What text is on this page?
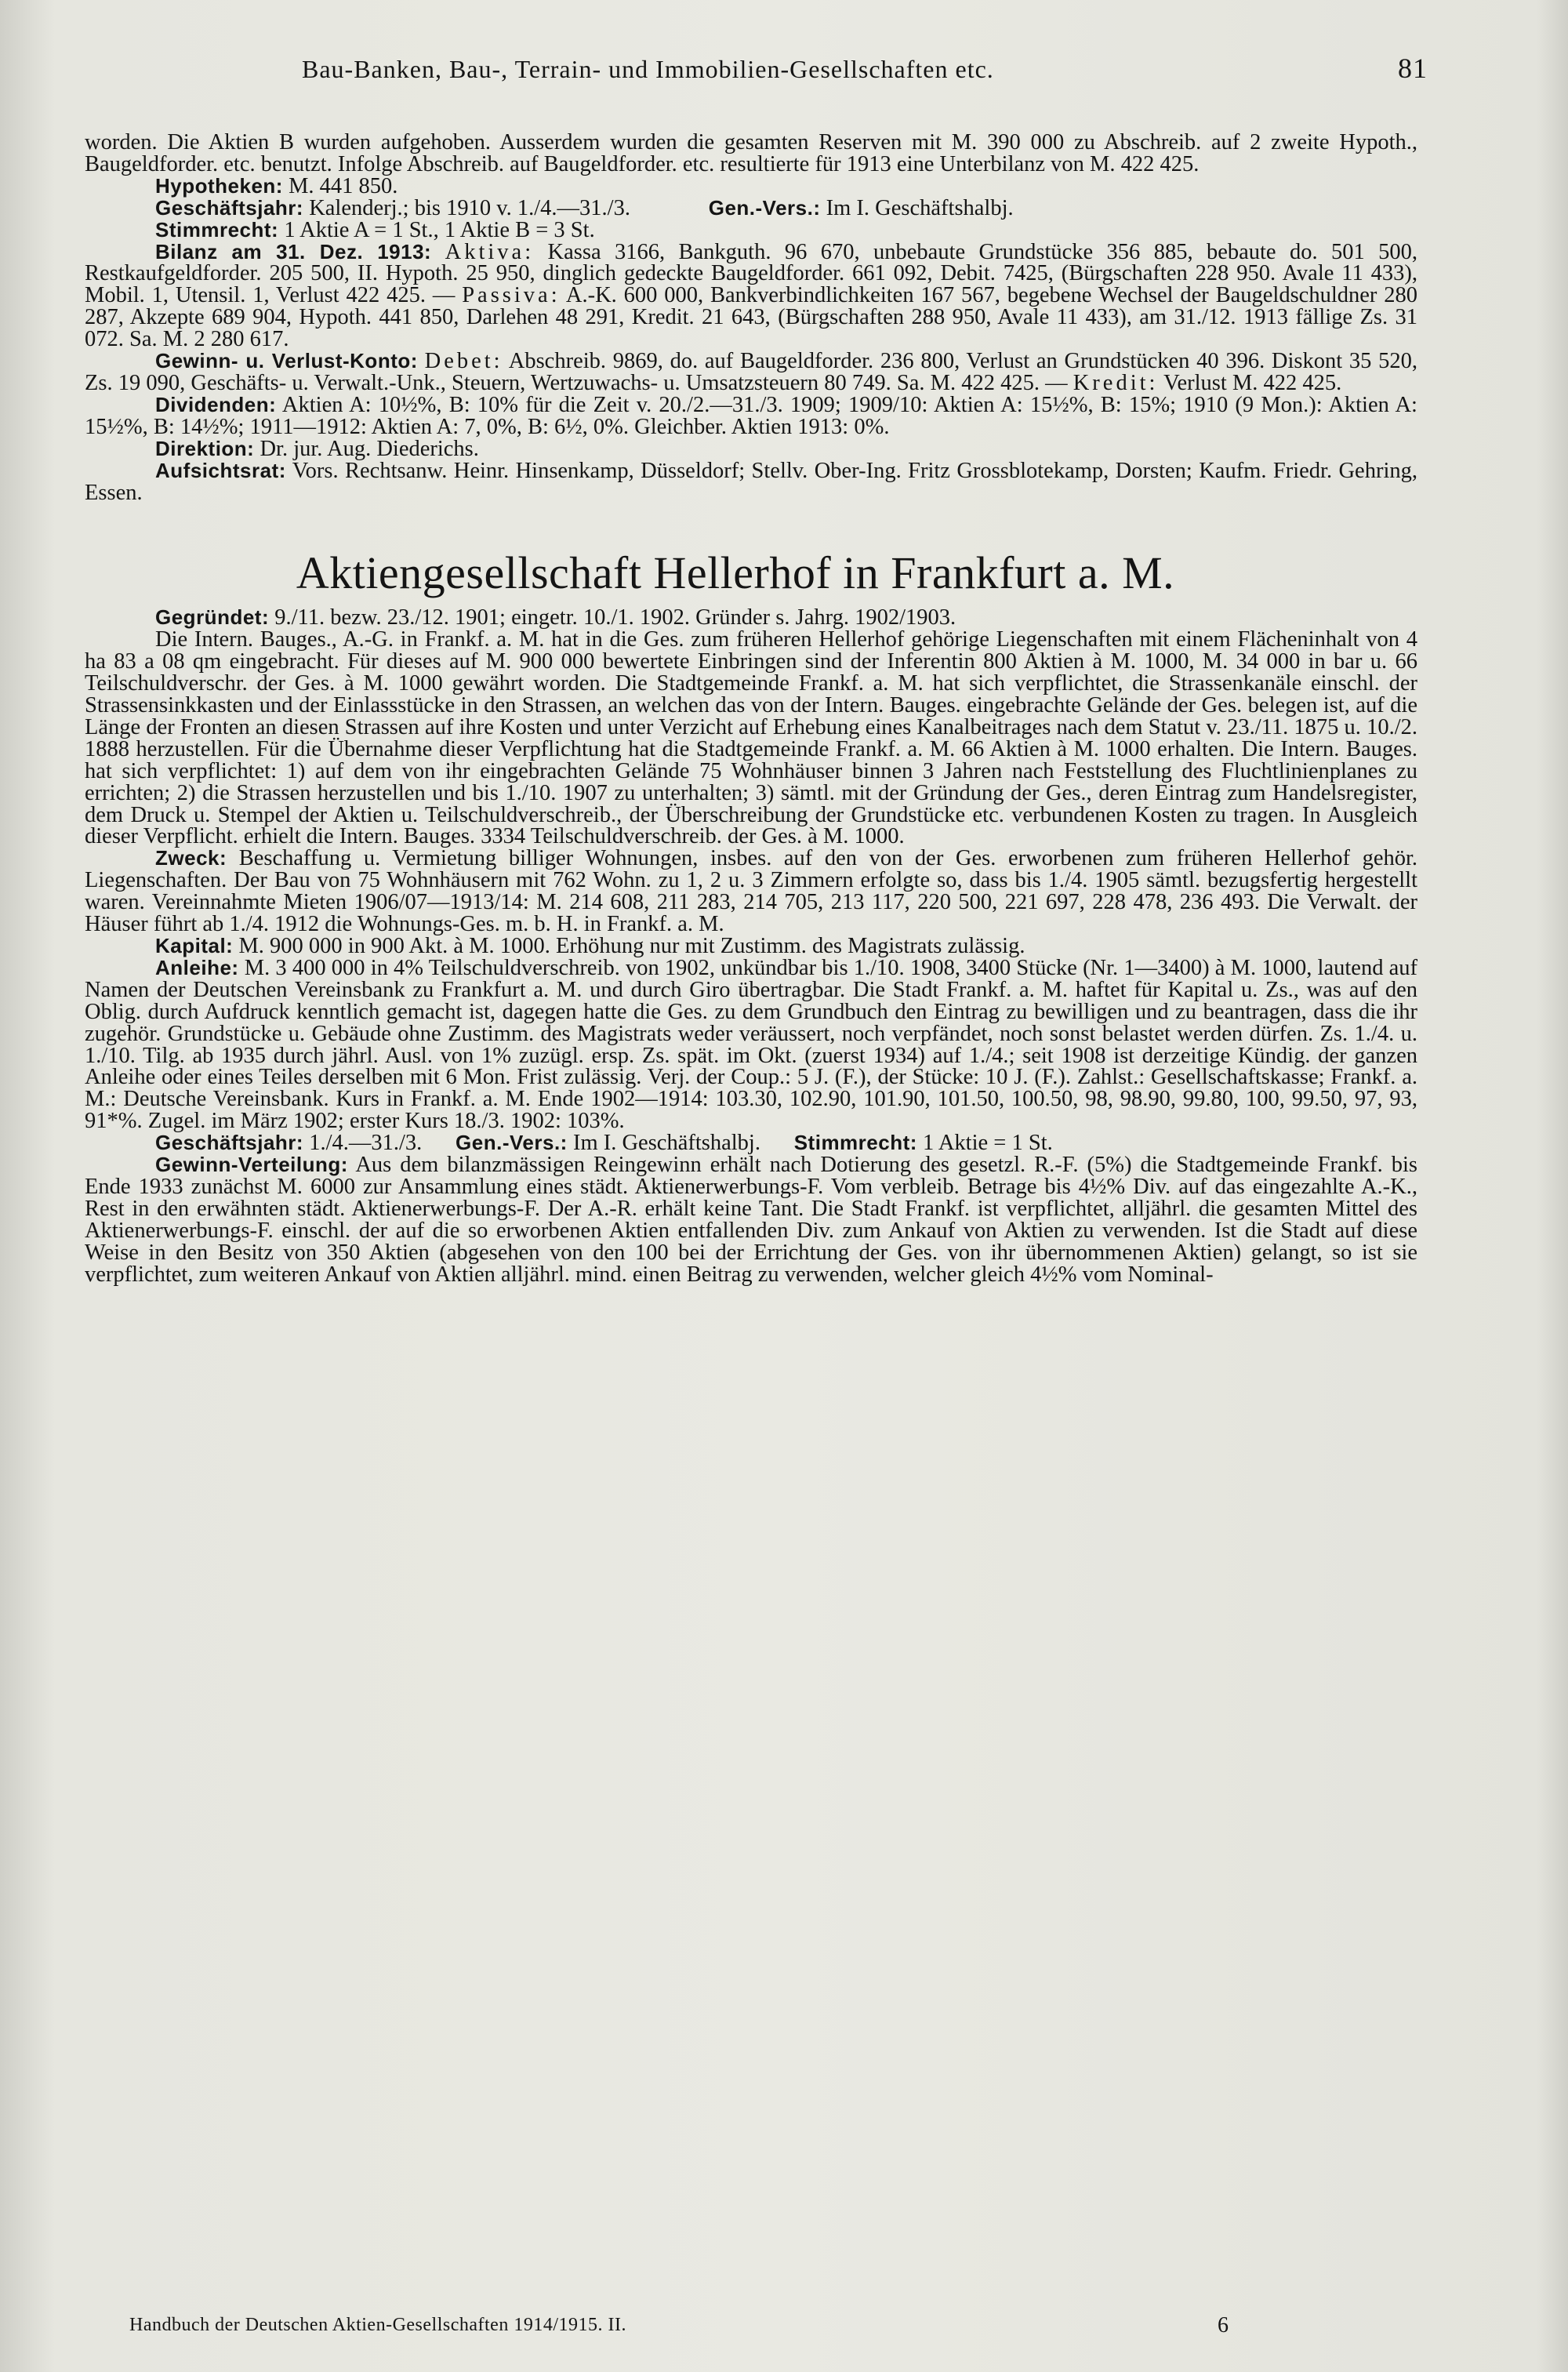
Bau-Banken, Bau-, Terrain- und Immobilien-Gesellschaften etc.	81
worden. Die Aktien B wurden aufgehoben. Ausserdem wurden die gesamten Reserven mit M. 390 000 zu Abschreib. auf 2 zweite Hypoth., Baugeldforder. etc. benutzt. Infolge Abschreib. auf Baugeldforder. etc. resultierte für 1913 eine Unterbilanz von M. 422 425.
Hypotheken: M. 441 850.
Geschäftsjahr: Kalenderj.; bis 1910 v. 1./4.—31./3.    	Gen.-Vers.: Im I. Geschäftshalbj.
Stimmrecht: 1 Aktie A = 1 St., 1 Aktie B = 3 St.
Bilanz am 31. Dez. 1913: Aktiva: Kassa 3166, Bankguth. 96 670, unbebaute Grundstücke 356 885, bebaute do. 501 500, Restkaufgeldforder. 205 500, II. Hypoth. 25 950, dinglich gedeckte Baugeldforder. 661 092, Debit. 7425, (Bürgschaften 228 950. Avale 11 433), Mobil. 1, Utensil. 1, Verlust 422 425. — Passiva: A.-K. 600 000, Bankverbindlichkeiten 167 567, begebene Wechsel der Baugeldschuldner 280 287, Akzepte 689 904, Hypoth. 441 850, Darlehen 48 291, Kredit. 21 643, (Bürgschaften 288 950, Avale 11 433), am 31./12. 1913 fällige Zs. 31 072. Sa. M. 2 280 617.
Gewinn- u. Verlust-Konto: Debet: Abschreib. 9869, do. auf Baugeldforder. 236 800, Verlust an Grundstücken 40 396. Diskont 35 520, Zs. 19 090, Geschäfts- u. Verwalt.-Unk., Steuern, Wertzuwachs- u. Umsatzsteuern 80 749. Sa. M. 422 425. — Kredit: Verlust M. 422 425.
Dividenden: Aktien A: 10½%, B: 10% für die Zeit v. 20./2.—31./3. 1909; 1909/10: Aktien A: 15½%, B: 15%; 1910 (9 Mon.): Aktien A: 15½%, B: 14½%; 1911—1912: Aktien A: 7, 0%, B: 6½, 0%. Gleichber. Aktien 1913: 0%.
Direktion: Dr. jur. Aug. Diederichs.
Aufsichtsrat: Vors. Rechtsanw. Heinr. Hinsenkamp, Düsseldorf; Stellv. Ober-Ing. Fritz Grossblotekamp, Dorsten; Kaufm. Friedr. Gehring, Essen.
Aktiengesellschaft Hellerhof in Frankfurt a. M.
Gegründet: 9./11. bezw. 23./12. 1901; eingetr. 10./1. 1902. Gründer s. Jahrg. 1902/1903.
Die Intern. Bauges., A.-G. in Frankf. a. M. hat in die Ges. zum früheren Hellerhof gehörige Liegenschaften mit einem Flächeninhalt von 4 ha 83 a 08 qm eingebracht. Für dieses auf M. 900 000 bewertete Einbringen sind der Inferentin 800 Aktien à M. 1000, M. 34 000 in bar u. 66 Teilschuldverschr. der Ges. à M. 1000 gewährt worden. Die Stadtgemeinde Frankf. a. M. hat sich verpflichtet, die Strassenkanäle einschl. der Strassensinkkasten und der Einlassstücke in den Strassen, an welchen das von der Intern. Bauges. eingebrachte Gelände der Ges. belegen ist, auf die Länge der Fronten an diesen Strassen auf ihre Kosten und unter Verzicht auf Erhebung eines Kanalbeitrages nach dem Statut v. 23./11. 1875 u. 10./2. 1888 herzustellen. Für die Übernahme dieser Verpflichtung hat die Stadtgemeinde Frankf. a. M. 66 Aktien à M. 1000 erhalten. Die Intern. Bauges. hat sich verpflichtet: 1) auf dem von ihr eingebrachten Gelände 75 Wohnhäuser binnen 3 Jahren nach Feststellung des Fluchtlinienplanes zu errichten; 2) die Strassen herzustellen und bis 1./10. 1907 zu unterhalten; 3) sämtl. mit der Gründung der Ges., deren Eintrag zum Handelsregister, dem Druck u. Stempel der Aktien u. Teilschuldverschreib., der Überschreibung der Grundstücke etc. verbundenen Kosten zu tragen. In Ausgleich dieser Verpflicht. erhielt die Intern. Bauges. 3334 Teilschuldverschreib. der Ges. à M. 1000.
Zweck: Beschaffung u. Vermietung billiger Wohnungen, insbes. auf den von der Ges. erworbenen zum früheren Hellerhof gehör. Liegenschaften. Der Bau von 75 Wohnhäusern mit 762 Wohn. zu 1, 2 u. 3 Zimmern erfolgte so, dass bis 1./4. 1905 sämtl. bezugsfertig hergestellt waren. Vereinnahmte Mieten 1906/07—1913/14: M. 214 608, 211 283, 214 705, 213 117, 220 500, 221 697, 228 478, 236 493. Die Verwalt. der Häuser führt ab 1./4. 1912 die Wohnungs-Ges. m. b. H. in Frankf. a. M.
Kapital: M. 900 000 in 900 Akt. à M. 1000. Erhöhung nur mit Zustimm. des Magistrats zulässig.
Anleihe: M. 3 400 000 in 4% Teilschuldverschreib. von 1902, unkündbar bis 1./10. 1908, 3400 Stücke (Nr. 1—3400) à M. 1000, lautend auf Namen der Deutschen Vereinsbank zu Frankfurt a. M. und durch Giro übertragbar. Die Stadt Frankf. a. M. haftet für Kapital u. Zs., was auf den Oblig. durch Aufdruck kenntlich gemacht ist, dagegen hatte die Ges. zu dem Grundbuch den Eintrag zu bewilligen und zu beantragen, dass die ihr zugehör. Grundstücke u. Gebäude ohne Zustimm. des Magistrats weder veräussert, noch verpfändet, noch sonst belastet werden dürfen. Zs. 1./4. u. 1./10. Tilg. ab 1935 durch jährl. Ausl. von 1% zuzügl. ersp. Zs. spät. im Okt. (zuerst 1934) auf 1./4.; seit 1908 ist derzeitige Kündig. der ganzen Anleihe oder eines Teiles derselben mit 6 Mon. Frist zulässig. Verj. der Coup.: 5 J. (F.), der Stücke: 10 J. (F.). Zahlst.: Gesellschaftskasse; Frankf. a. M.: Deutsche Vereinsbank. Kurs in Frankf. a. M. Ende 1902—1914: 103.30, 102.90, 101.90, 101.50, 100.50, 98, 98.90, 99.80, 100, 99.50, 97, 93, 91*%. Zugel. im März 1902; erster Kurs 18./3. 1902: 103%.
Geschäftsjahr: 1./4.—31./3.   Gen.-Vers.: Im I. Geschäftshalbj.   Stimmrecht: 1 Aktie = 1 St.
Gewinn-Verteilung: Aus dem bilanzmässigen Reingewinn erhält nach Dotierung des gesetzl. R.-F. (5%) die Stadtgemeinde Frankf. bis Ende 1933 zunächst M. 6000 zur Ansammlung eines städt. Aktienerwerbungs-F. Vom verbleib. Betrage bis 4½% Div. auf das eingezahlte A.-K., Rest in den erwähnten städt. Aktienerwerbungs-F. Der A.-R. erhält keine Tant. Die Stadt Frankf. ist verpflichtet, alljährl. die gesamten Mittel des Aktienerwerbungs-F. einschl. der auf die so erworbenen Aktien entfallenden Div. zum Ankauf von Aktien zu verwenden. Ist die Stadt auf diese Weise in den Besitz von 350 Aktien (abgesehen von den 100 bei der Errichtung der Ges. von ihr übernommenen Aktien) gelangt, so ist sie verpflichtet, zum weiteren Ankauf von Aktien alljährl. mind. einen Beitrag zu verwenden, welcher gleich 4½% vom Nominal-
Handbuch der Deutschen Aktien-Gesellschaften 1914/1915. II.	6
